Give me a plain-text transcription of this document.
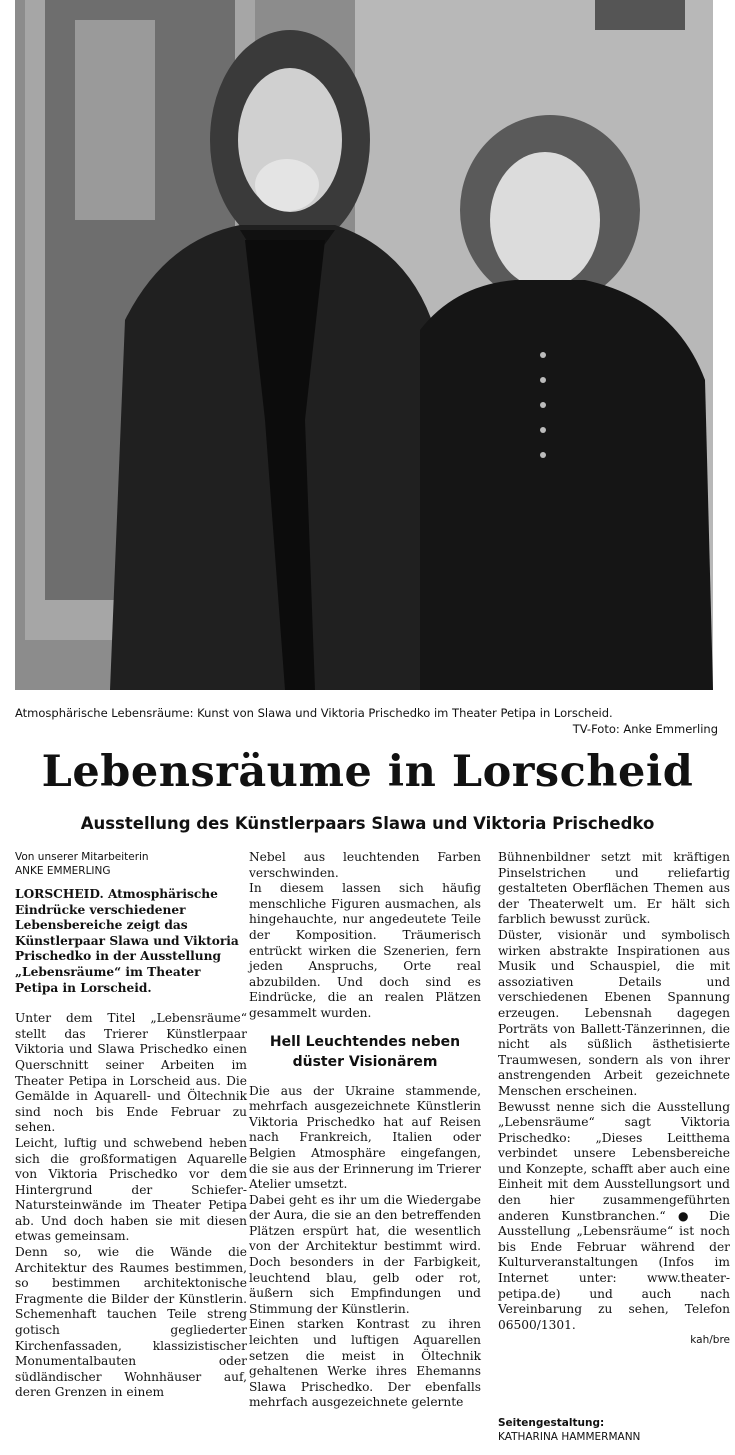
Atmosphärische Lebensräume: Kunst von Slawa und Viktoria Prischedko im Theater Petipa in Lorscheid.
TV-Foto: Anke Emmerling
Lebensräume in Lorscheid
Ausstellung des Künstlerpaars Slawa und Viktoria Prischedko
Von unserer Mitarbeiterin
ANKE EMMERLING

LORSCHEID. Atmosphärische Eindrücke verschiedener Lebensbereiche zeigt das Künstlerpaar Slawa und Viktoria Prischedko in der Ausstellung „Lebensräume“ im Theater Petipa in Lorscheid.

Unter dem Titel „Lebensräume“ stellt das Trierer Künstlerpaar Viktoria und Slawa Prischedko einen Querschnitt seiner Arbeiten im Theater Petipa in Lorscheid aus. Die Gemälde in Aquarell- und Öltechnik sind noch bis Ende Februar zu sehen.

Leicht, luftig und schwebend heben sich die großformatigen Aquarelle von Viktoria Prischedko vor dem Hintergrund der Schiefer-Natursteinwände im Theater Petipa ab. Und doch haben sie mit diesen etwas gemeinsam.

Denn so, wie die Wände die Architektur des Raumes bestimmen, so bestimmen architektonische Fragmente die Bilder der Künstlerin. Schemenhaft tauchen Teile streng gotisch gegliederter Kirchenfassaden, klassizistischer Monumentalbauten oder südländischer Wohnhäuser auf, deren Grenzen in einem

Nebel aus leuchtenden Farben verschwinden.

In diesem lassen sich häufig menschliche Figuren ausmachen, als hingehauchte, nur angedeutete Teile der Komposition. Träumerisch entrückt wirken die Szenerien, fern jeden Anspruchs, Orte real abzubilden. Und doch sind es Eindrücke, die an realen Plätzen gesammelt wurden.

Hell Leuchtendes neben düster Visionärem

Die aus der Ukraine stammende, mehrfach ausgezeichnete Künstlerin Viktoria Prischedko hat auf Reisen nach Frankreich, Italien oder Belgien Atmosphäre eingefangen, die sie aus der Erinnerung im Trierer Atelier umsetzt.

Dabei geht es ihr um die Wiedergabe der Aura, die sie an den betreffenden Plätzen erspürt hat, die wesentlich von der Architektur bestimmt wird. Doch besonders in der Farbigkeit, leuchtend blau, gelb oder rot, äußern sich Empfindungen und Stimmung der Künstlerin.

Einen starken Kontrast zu ihren leichten und luftigen Aquarellen setzen die meist in Öltechnik gehaltenen Werke ihres Ehemanns Slawa Prischedko. Der ebenfalls mehrfach ausgezeichnete gelernte

Bühnenbildner setzt mit kräftigen Pinselstrichen und reliefartig gestalteten Oberflächen Themen aus der Theaterwelt um. Er hält sich farblich bewusst zurück.

Düster, visionär und symbolisch wirken abstrakte Inspirationen aus Musik und Schauspiel, die mit assoziativen Details und verschiedenen Ebenen Spannung erzeugen. Lebensnah dagegen Porträts von Ballett-Tänzerinnen, die nicht als süßlich ästhetisierte Traumwesen, sondern als von ihrer anstrengenden Arbeit gezeichnete Menschen erscheinen.

Bewusst nenne sich die Ausstellung „Lebensräume“ sagt Viktoria Prischedko: „Dieses Leitthema verbindet unsere Lebensbereiche und Konzepte, schafft aber auch eine Einheit mit dem Ausstellungsort und den hier zusammengeführten anderen Kunstbranchen.“ ● Die Ausstellung „Lebensräume“ ist noch bis Ende Februar während der Kulturveranstaltungen (Infos im Internet unter: www.theater-petipa.de) und auch nach Vereinbarung zu sehen, Telefon 06500/1301.

kah/bre
Seitengestaltung:
KATHARINA HAMMERMANN
